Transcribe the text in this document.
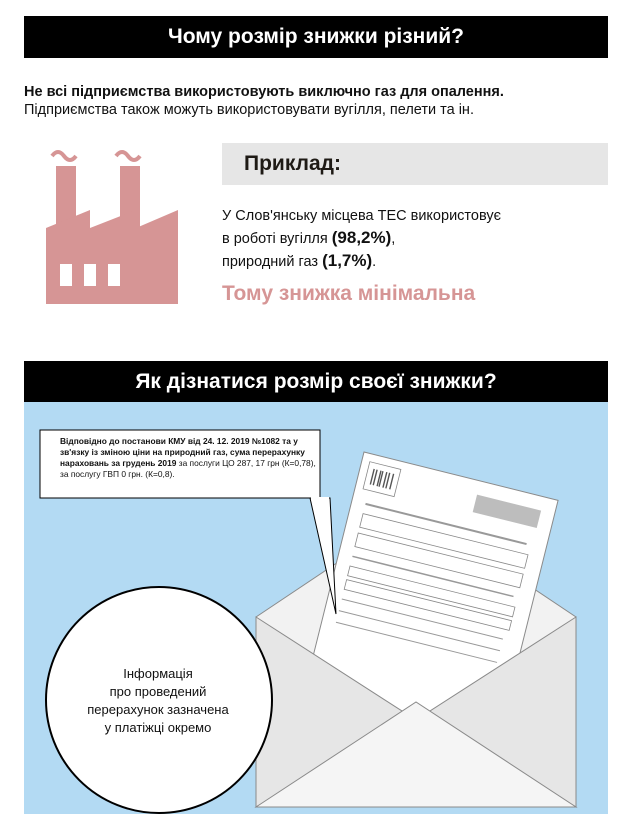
Чому розмір знижки різний?
Не всі підприємства використовують виключно газ для опалення.
Підприємства також можуть використовувати вугілля, пелети та ін.
Приклад:
У Слов'янську місцева ТЕС використовує
в роботі вугілля (98,2%),
природний газ (1,7%).
Тому знижка мінімальна
Як дізнатися розмір своєї знижки?
Відповідно до постанови КМУ від 24. 12. 2019 №1082 та у зв'язку із зміною ціни на природний газ, сума перерахунку нараховань за грудень 2019 за послуги ЦО 287, 17 грн (К=0,78), за послугу ГВП 0 грн. (К=0,8).
Інформація
про проведений
перерахунок зазначена
у платіжці окремо
